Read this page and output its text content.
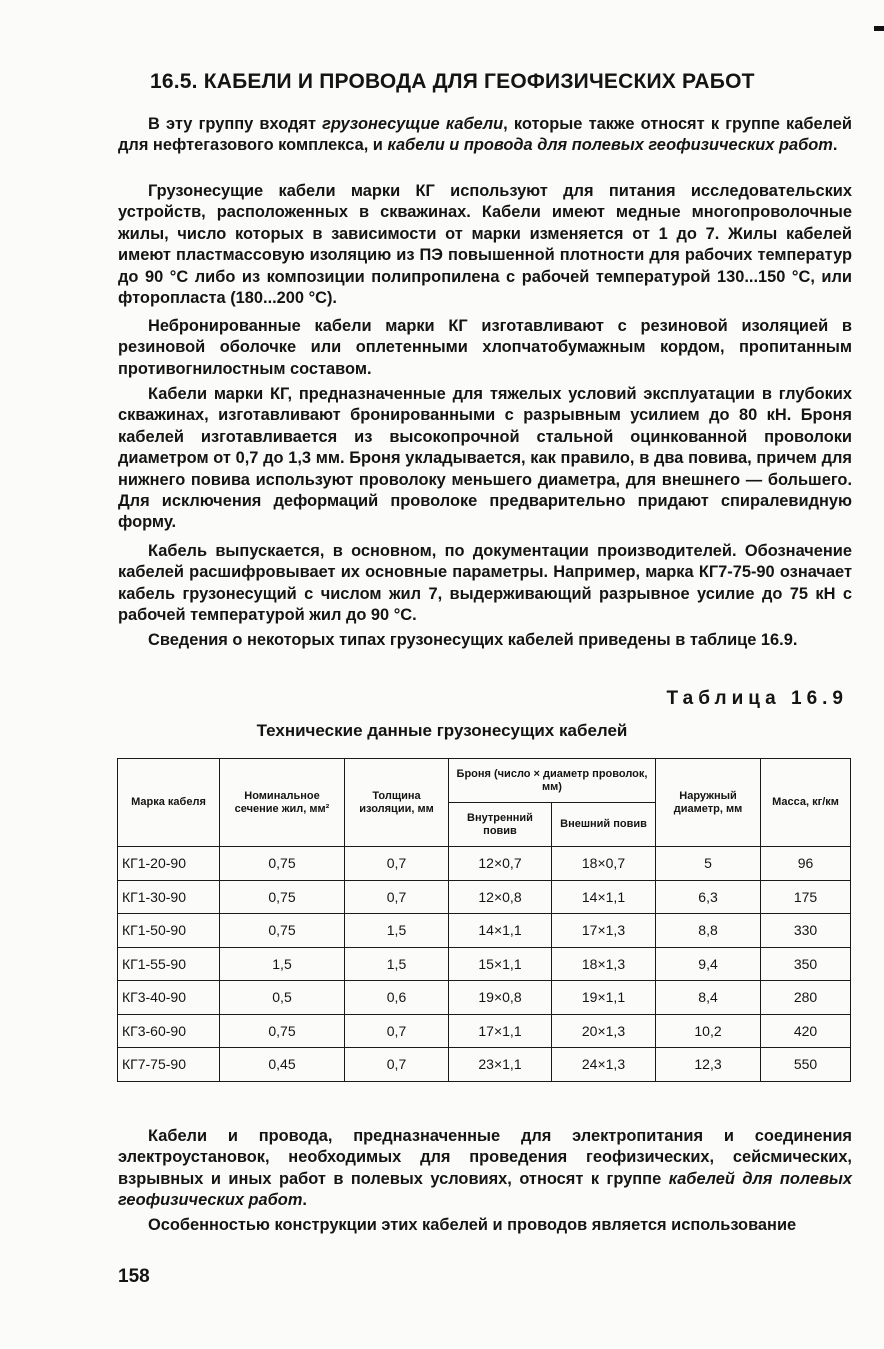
16.5. КАБЕЛИ И ПРОВОДА ДЛЯ ГЕОФИЗИЧЕСКИХ РАБОТ

В эту группу входят грузонесущие кабели, которые также относят к группе кабелей для нефтегазового комплекса, и кабели и провода для полевых геофизических работ.

Грузонесущие кабели марки КГ используют для питания исследовательских устройств, расположенных в скважинах. Кабели имеют медные многопроволочные жилы, число которых в зависимости от марки изменяется от 1 до 7. Жилы кабелей имеют пластмассовую изоляцию из ПЭ повышенной плотности для рабочих температур до 90 °С либо из композиции полипропилена с рабочей температурой 130...150 °С, или фторопласта (180...200 °С).

Небронированные кабели марки КГ изготавливают с резиновой изоляцией в резиновой оболочке или оплетенными хлопчатобумажным кордом, пропитанным противогнилостным составом.

Кабели марки КГ, предназначенные для тяжелых условий эксплуатации в глубоких скважинах, изготавливают бронированными с разрывным усилием до 80 кН. Броня кабелей изготавливается из высокопрочной стальной оцинкованной проволоки диаметром от 0,7 до 1,3 мм. Броня укладывается, как правило, в два повива, причем для нижнего повива используют проволоку меньшего диаметра, для внешнего — большего. Для исключения деформаций проволоке предварительно придают спиралевидную форму.

Кабель выпускается, в основном, по документации производителей. Обозначение кабелей расшифровывает их основные параметры. Например, марка КГ7-75-90 означает кабель грузонесущий с числом жил 7, выдерживающий разрывное усилие до 75 кН с рабочей температурой жил до 90 °С.

Сведения о некоторых типах грузонесущих кабелей приведены в таблице 16.9.

Таблица 16.9
Технические данные грузонесущих кабелей
Марка кабеля	Номинальное сечение жил, мм²	Толщина изоляции, мм	Броня (число × диаметр проволок, мм)		Наружный диаметр, мм	Масса, кг/км
			Внутренний повив	Внешний повив		
КГ1-20-90	0,75	0,7	12×0,7	18×0,7	5	96
КГ1-30-90	0,75	0,7	12×0,8	14×1,1	6,3	175
КГ1-50-90	0,75	1,5	14×1,1	17×1,3	8,8	330
КГ1-55-90	1,5	1,5	15×1,1	18×1,3	9,4	350
КГ3-40-90	0,5	0,6	19×0,8	19×1,1	8,4	280
КГ3-60-90	0,75	0,7	17×1,1	20×1,3	10,2	420
КГ7-75-90	0,45	0,7	23×1,1	24×1,3	12,3	550

Кабели и провода, предназначенные для электропитания и соединения электроустановок, необходимых для проведения геофизических, сейсмических, взрывных и иных работ в полевых условиях, относят к группе кабелей для полевых геофизических работ.

Особенностью конструкции этих кабелей и проводов является использование

158
